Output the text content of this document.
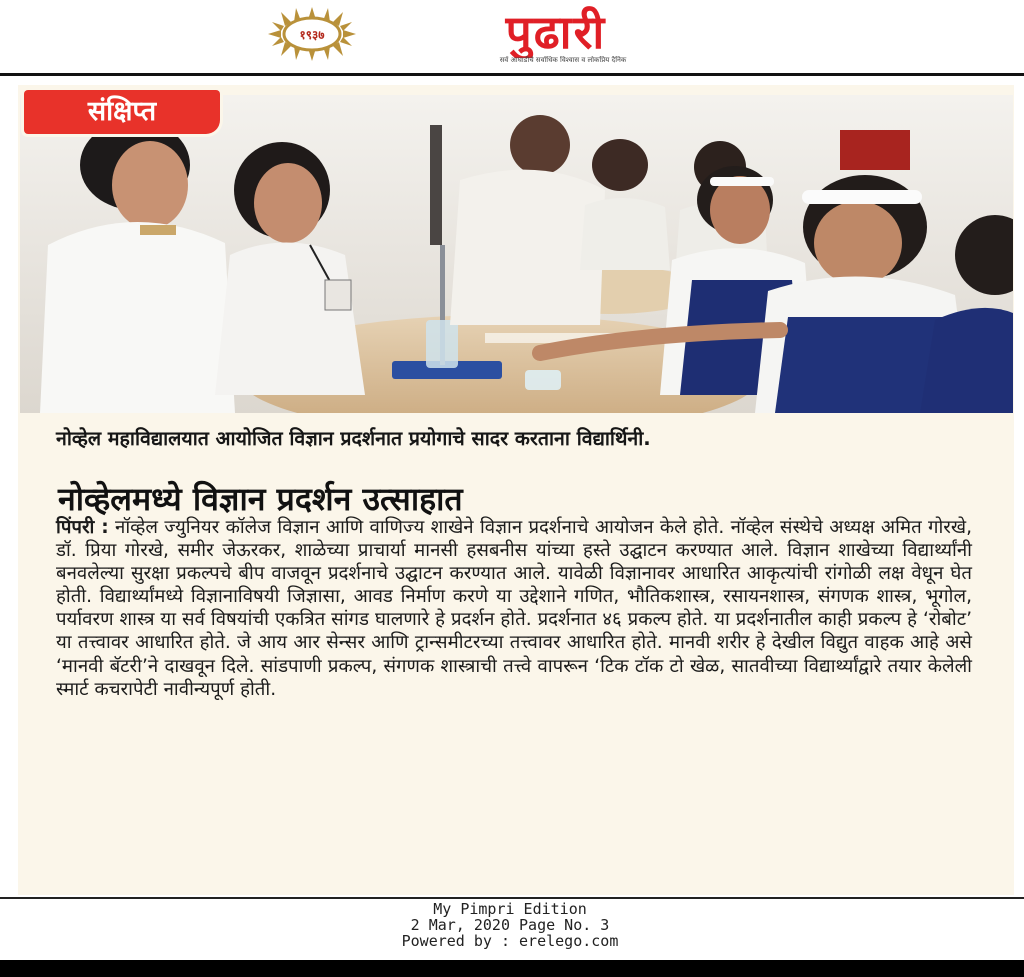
१९३७	पुढारी
सर्व आघाडीचे सर्वाधिक विश्वास व लोकप्रिय दैनिक
संक्षिप्त

नोव्हेल महाविद्यालयात आयोजित विज्ञान प्रदर्शनात प्रयोगाचे सादर करताना विद्यार्थिनी.

नोव्हेलमध्ये विज्ञान प्रदर्शन उत्साहात

पिंपरी : नॉव्हेल ज्युनियर कॉलेज विज्ञान आणि वाणिज्य शाखेने विज्ञान प्रदर्शनाचे आयोजन केले होते. नॉव्हेल संस्थेचे अध्यक्ष अमित गोरखे, डॉ. प्रिया गोरखे, समीर जेऊरकर, शाळेच्या प्राचार्या मानसी हसबनीस यांच्या हस्ते उद्घाटन करण्यात आले. विज्ञान शाखेच्या विद्यार्थ्यांनी बनवलेल्या सुरक्षा प्रकल्पचे बीप वाजवून प्रदर्शनाचे उद्घाटन करण्यात आले. यावेळी विज्ञानावर आधारित आकृत्यांची रांगोळी लक्ष वेधून घेत होती. विद्यार्थ्यांमध्ये विज्ञानाविषयी जिज्ञासा, आवड निर्माण करणे या उद्देशाने गणित, भौतिकशास्त्र, रसायनशास्त्र, संगणक शास्त्र, भूगोल, पर्यावरण शास्त्र या सर्व विषयांची एकत्रित सांगड घालणारे हे प्रदर्शन होते. प्रदर्शनात ४६ प्रकल्प होते. या प्रदर्शनातील काही प्रकल्प हे ‘रोबोट’ या तत्त्वावर आधारित होते. जे आय आर सेन्सर आणि ट्रान्समीटरच्या तत्त्वावर आधारित होते. मानवी शरीर हे देखील विद्युत वाहक आहे असे ‘मानवी बॅटरी’ने दाखवून दिले. सांडपाणी प्रकल्प, संगणक शास्त्राची तत्त्वे वापरून ‘टिक टॉक टो खेळ, सातवीच्या विद्यार्थ्यांद्वारे तयार केलेली स्मार्ट कचरापेटी नावीन्यपूर्ण होती.

My Pimpri Edition
2 Mar, 2020 Page No. 3
Powered by : erelego.com
